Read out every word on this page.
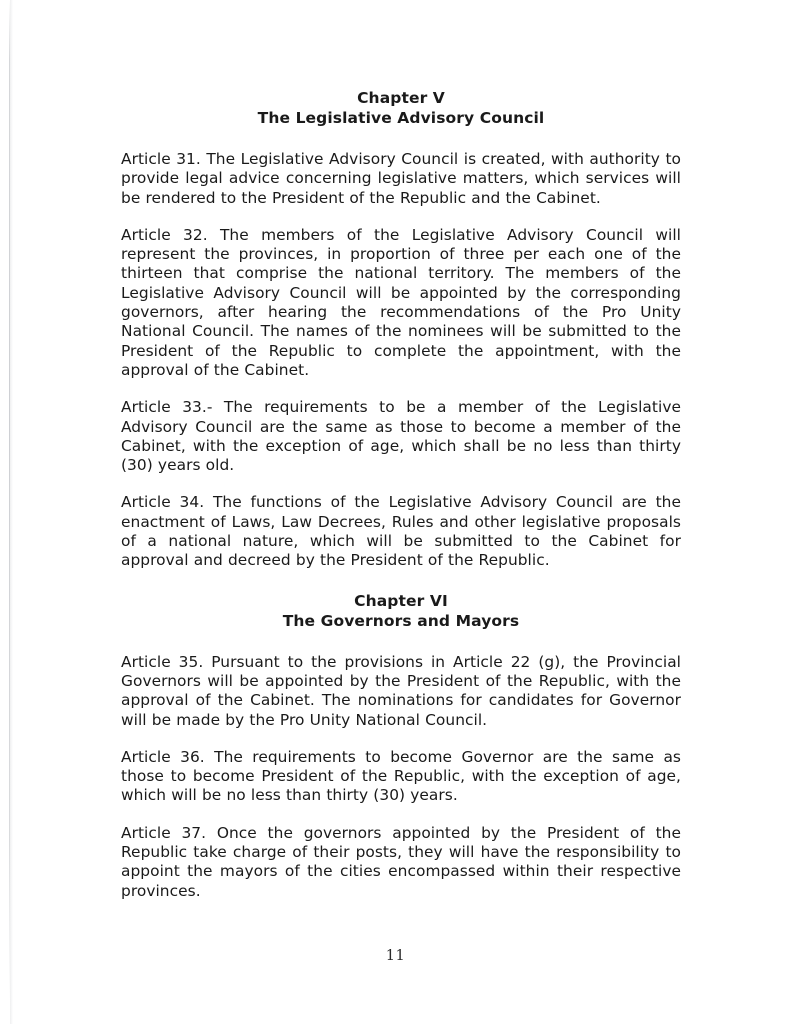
Chapter V
The Legislative Advisory Council

Article 31. The Legislative Advisory Council is created, with authority to provide legal advice concerning legislative matters, which services will be rendered to the President of the Republic and the Cabinet.

Article 32. The members of the Legislative Advisory Council will represent the provinces, in proportion of three per each one of the thirteen that comprise the national territory. The members of the Legislative Advisory Council will be appointed by the corresponding governors, after hearing the recommendations of the Pro Unity National Council. The names of the nominees will be submitted to the President of the Republic to complete the appointment, with the approval of the Cabinet.

Article 33.- The requirements to be a member of the Legislative Advisory Council are the same as those to become a member of the Cabinet, with the exception of age, which shall be no less than thirty (30) years old.

Article 34. The functions of the Legislative Advisory Council are the enactment of Laws, Law Decrees, Rules and other legislative proposals of a national nature, which will be submitted to the Cabinet for approval and decreed by the President of the Republic.

Chapter VI
The Governors and Mayors

Article 35. Pursuant to the provisions in Article 22 (g), the Provincial Governors will be appointed by the President of the Republic, with the approval of the Cabinet. The nominations for candidates for Governor will be made by the Pro Unity National Council.

Article 36. The requirements to become Governor are the same as those to become President of the Republic, with the exception of age, which will be no less than thirty (30) years.

Article 37. Once the governors appointed by the President of the Republic take charge of their posts, they will have the responsibility to appoint the mayors of the cities encompassed within their respective provinces.

11
